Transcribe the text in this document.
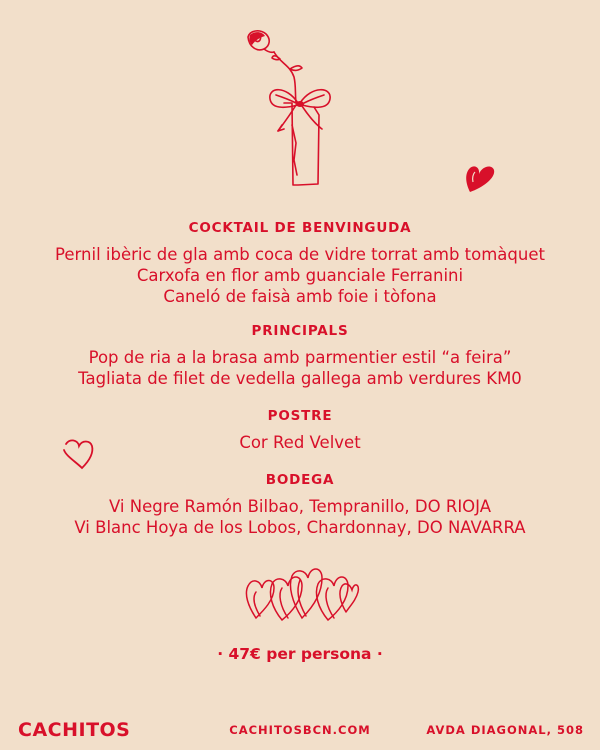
COCKTAIL DE BENVINGUDA
Pernil ibèric de gla amb coca de vidre torrat amb tomàquet
Carxofa en flor amb guanciale Ferranini
Caneló de faisà amb foie i tòfona
PRINCIPALS
Pop de ria a la brasa amb parmentier estil “a feira”
Tagliata de filet de vedella gallega amb verdures KM0
POSTRE
Cor Red Velvet
BODEGA
Vi Negre Ramón Bilbao, Tempranillo, DO RIOJA
Vi Blanc Hoya de los Lobos, Chardonnay, DO NAVARRA
· 47€ per persona ·
CACHITOS	CACHITOSBCN.COM	AVDA DIAGONAL, 508
